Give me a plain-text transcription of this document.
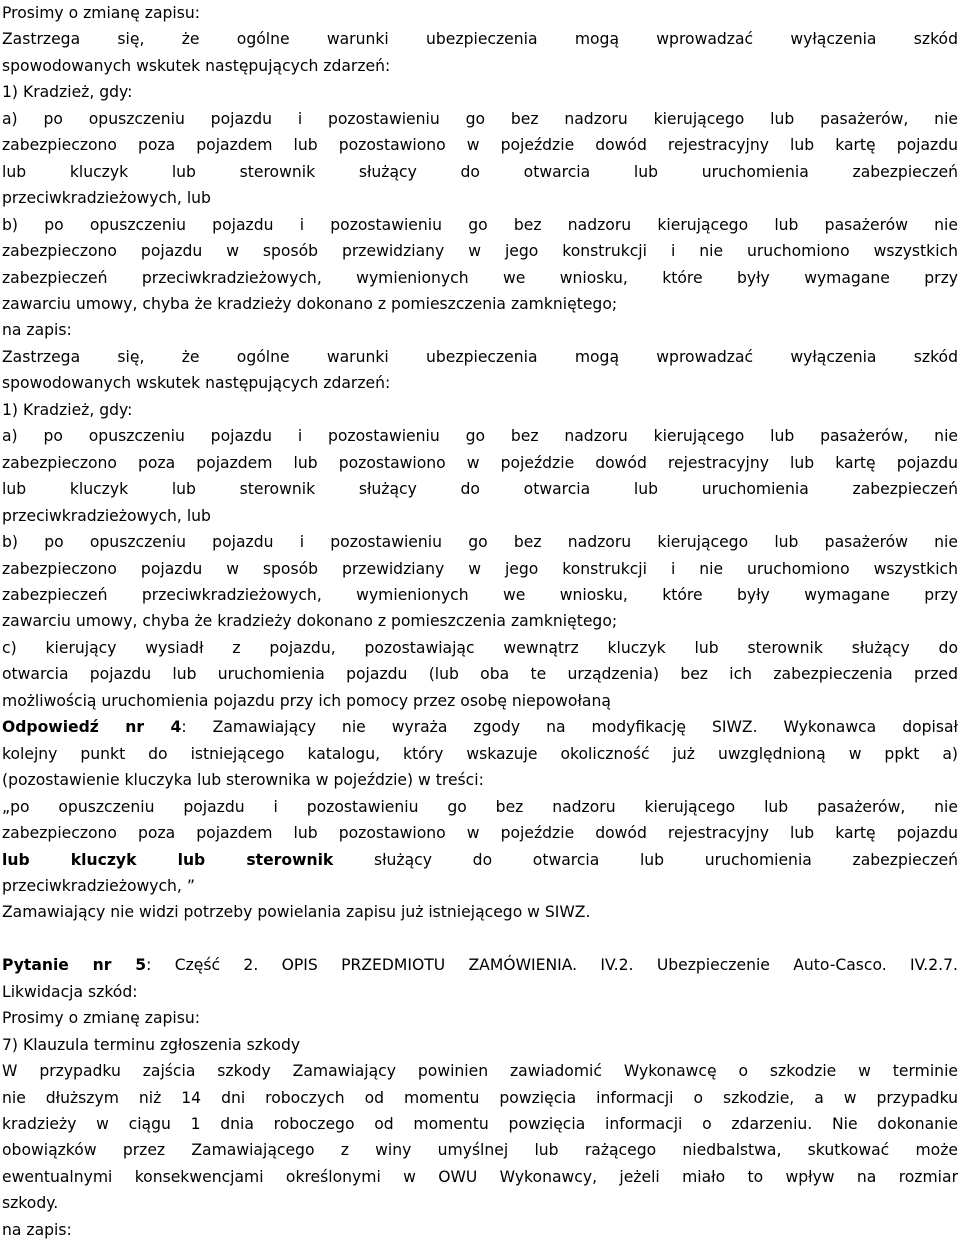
Prosimy o zmianę zapisu:
Zastrzega się, że ogólne warunki ubezpieczenia mogą wprowadzać wyłączenia szkód
spowodowanych wskutek następujących zdarzeń:
1) Kradzież, gdy:
a) po opuszczeniu pojazdu i pozostawieniu go bez nadzoru kierującego lub pasażerów, nie
zabezpieczono poza pojazdem lub pozostawiono w pojeździe dowód rejestracyjny lub kartę pojazdu
lub kluczyk lub sterownik służący do otwarcia lub uruchomienia zabezpieczeń
przeciwkradzieżowych, lub
b) po opuszczeniu pojazdu i pozostawieniu go bez nadzoru kierującego lub pasażerów nie
zabezpieczono pojazdu w sposób przewidziany w jego konstrukcji i nie uruchomiono wszystkich
zabezpieczeń przeciwkradzieżowych, wymienionych we wniosku, które były wymagane przy
zawarciu umowy, chyba że kradzieży dokonano z pomieszczenia zamkniętego;
na zapis:
Zastrzega się, że ogólne warunki ubezpieczenia mogą wprowadzać wyłączenia szkód
spowodowanych wskutek następujących zdarzeń:
1) Kradzież, gdy:
a) po opuszczeniu pojazdu i pozostawieniu go bez nadzoru kierującego lub pasażerów, nie
zabezpieczono poza pojazdem lub pozostawiono w pojeździe dowód rejestracyjny lub kartę pojazdu
lub kluczyk lub sterownik służący do otwarcia lub uruchomienia zabezpieczeń
przeciwkradzieżowych, lub
b) po opuszczeniu pojazdu i pozostawieniu go bez nadzoru kierującego lub pasażerów nie
zabezpieczono pojazdu w sposób przewidziany w jego konstrukcji i nie uruchomiono wszystkich
zabezpieczeń przeciwkradzieżowych, wymienionych we wniosku, które były wymagane przy
zawarciu umowy, chyba że kradzieży dokonano z pomieszczenia zamkniętego;
c) kierujący wysiadł z pojazdu, pozostawiając wewnątrz kluczyk lub sterownik służący do
otwarcia pojazdu lub uruchomienia pojazdu (lub oba te urządzenia) bez ich zabezpieczenia przed
możliwością uruchomienia pojazdu przy ich pomocy przez osobę niepowołaną
Odpowiedź nr 4: Zamawiający nie wyraża zgody na modyfikację SIWZ. Wykonawca dopisał
kolejny punkt do istniejącego katalogu, który wskazuje okoliczność już uwzględnioną w ppkt a)
(pozostawienie kluczyka lub sterownika w pojeździe) w treści:
„po opuszczeniu pojazdu i pozostawieniu go bez nadzoru kierującego lub pasażerów, nie
zabezpieczono poza pojazdem lub pozostawiono w pojeździe dowód rejestracyjny lub kartę pojazdu
lub kluczyk lub sterownik służący do otwarcia lub uruchomienia zabezpieczeń
przeciwkradzieżowych, ”
Zamawiający nie widzi potrzeby powielania zapisu już istniejącego w SIWZ.
Pytanie nr 5: Część 2. OPIS PRZEDMIOTU ZAMÓWIENIA. IV.2. Ubezpieczenie Auto-Casco. IV.2.7.
Likwidacja szkód:
Prosimy o zmianę zapisu:
7) Klauzula terminu zgłoszenia szkody
W przypadku zajścia szkody Zamawiający powinien zawiadomić Wykonawcę o szkodzie w terminie
nie dłuższym niż 14 dni roboczych od momentu powzięcia informacji o szkodzie, a w przypadku
kradzieży w ciągu 1 dnia roboczego od momentu powzięcia informacji o zdarzeniu. Nie dokonanie
obowiązków przez Zamawiającego z winy umyślnej lub rażącego niedbalstwa, skutkować może
ewentualnymi konsekwencjami określonymi w OWU Wykonawcy, jeżeli miało to wpływ na rozmiar
szkody.
na zapis:
